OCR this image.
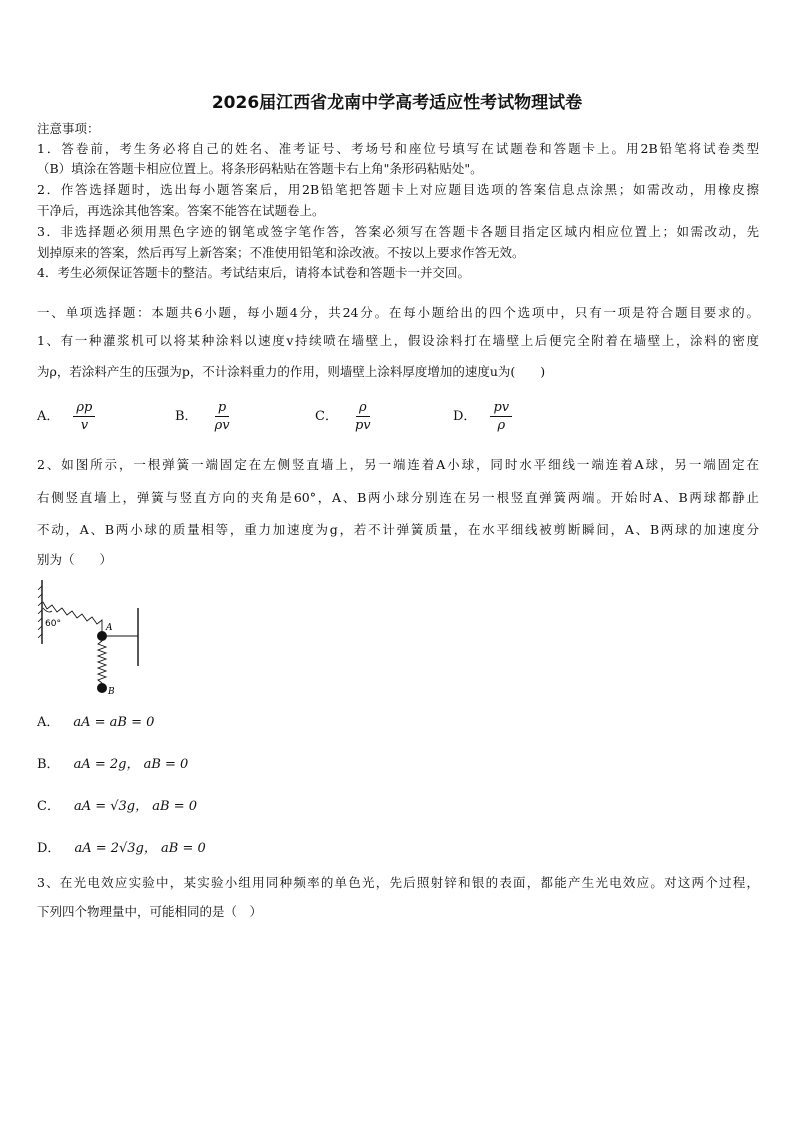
2026届江西省龙南中学高考适应性考试物理试卷
注意事项：
1．答卷前，考生务必将自己的姓名、准考证号、考场号和座位号填写在试题卷和答题卡上。用2B铅笔将试卷类型
（B）填涂在答题卡相应位置上。将条形码粘贴在答题卡右上角"条形码粘贴处"。
2．作答选择题时，选出每小题答案后，用2B铅笔把答题卡上对应题目选项的答案信息点涂黑；如需改动，用橡皮擦
干净后，再选涂其他答案。答案不能答在试题卷上。
3．非选择题必须用黑色字迹的钢笔或签字笔作答，答案必须写在答题卡各题目指定区域内相应位置上；如需改动，先
划掉原来的答案，然后再写上新答案；不准使用铅笔和涂改液。不按以上要求作答无效。
4．考生必须保证答题卡的整洁。考试结束后，请将本试卷和答题卡一并交回。
一、单项选择题：本题共6小题，每小题4分，共24分。在每小题给出的四个选项中，只有一项是符合题目要求的。
1、有一种灌浆机可以将某种涂料以速度v持续喷在墙壁上，假设涂料打在墙壁上后便完全附着在墙壁上，涂料的密度
为ρ，若涂料产生的压强为p，不计涂料重力的作用，则墙壁上涂料厚度增加的速度u为(　　)
A． $\frac{\rho p}{v}$	B． $\frac{p}{\rho v}$	C． $\frac{\rho}{pv}$	D． $\frac{pv}{\rho}$
2、如图所示，一根弹簧一端固定在左侧竖直墙上，另一端连着A小球，同时水平细线一端连着A球，另一端固定在
右侧竖直墙上，弹簧与竖直方向的夹角是60°，A、B两小球分别连在另一根竖直弹簧两端。开始时A、B两球都静止
不动，A、B两小球的质量相等，重力加速度为g，若不计弹簧质量，在水平细线被剪断瞬间，A、B两球的加速度分
别为（　　）
60°	A
B
A． aA = aB = 0
B． aA = 2g， aB = 0
C． aA = √3g， aB = 0
D． aA = 2√3g， aB = 0
3、在光电效应实验中，某实验小组用同种频率的单色光，先后照射锌和银的表面，都能产生光电效应。对这两个过程，
下列四个物理量中，可能相同的是（　）
